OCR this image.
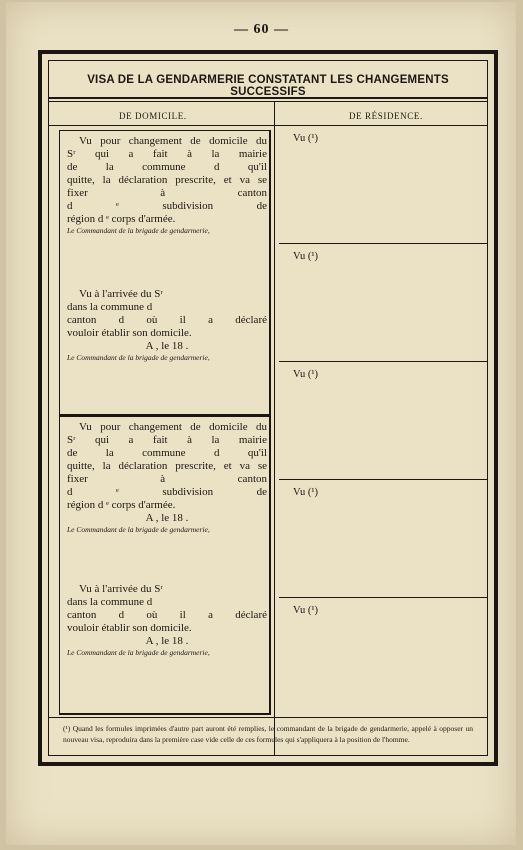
— 60 —
VISA DE LA GENDARMERIE CONSTATANT LES CHANGEMENTS SUCCESSIFS
DE DOMICILE.	DE RÉSIDENCE.

Vu pour changement de domicile du

Sʳ qui a fait à la mairie

de la commune d qu'il

quitte, la déclaration prescrite, et va se

fixer à canton

d ᵉ subdivision de

région d ᵉ corps d'armée.

Le Commandant de la brigade de gendarmerie,

Vu à l'arrivée du Sʳ

dans la commune d

canton d où il a déclaré

vouloir établir son domicile.

A , le 18 .

Le Commandant de la brigade de gendarmerie,

Vu pour changement de domicile du

Sʳ qui a fait à la mairie

de la commune d qu'il

quitte, la déclaration prescrite, et va se

fixer à canton

d ᵉ subdivision de

région d ᵉ corps d'armée.

A , le 18 .

Le Commandant de la brigade de gendarmerie,

Vu à l'arrivée du Sʳ

dans la commune d

canton d où il a déclaré

vouloir établir son domicile.

A , le 18 .

Le Commandant de la brigade de gendarmerie,

Vu (¹)
Vu (¹)
Vu (¹)
Vu (¹)
Vu (¹)
(¹) Quand les formules imprimées d'autre part auront été remplies, le commandant de la brigade de gendarmerie, appelé à opposer un nouveau visa, reproduira dans la première case vide celle de ces formules qui s'appliquera à la position de l'homme.
